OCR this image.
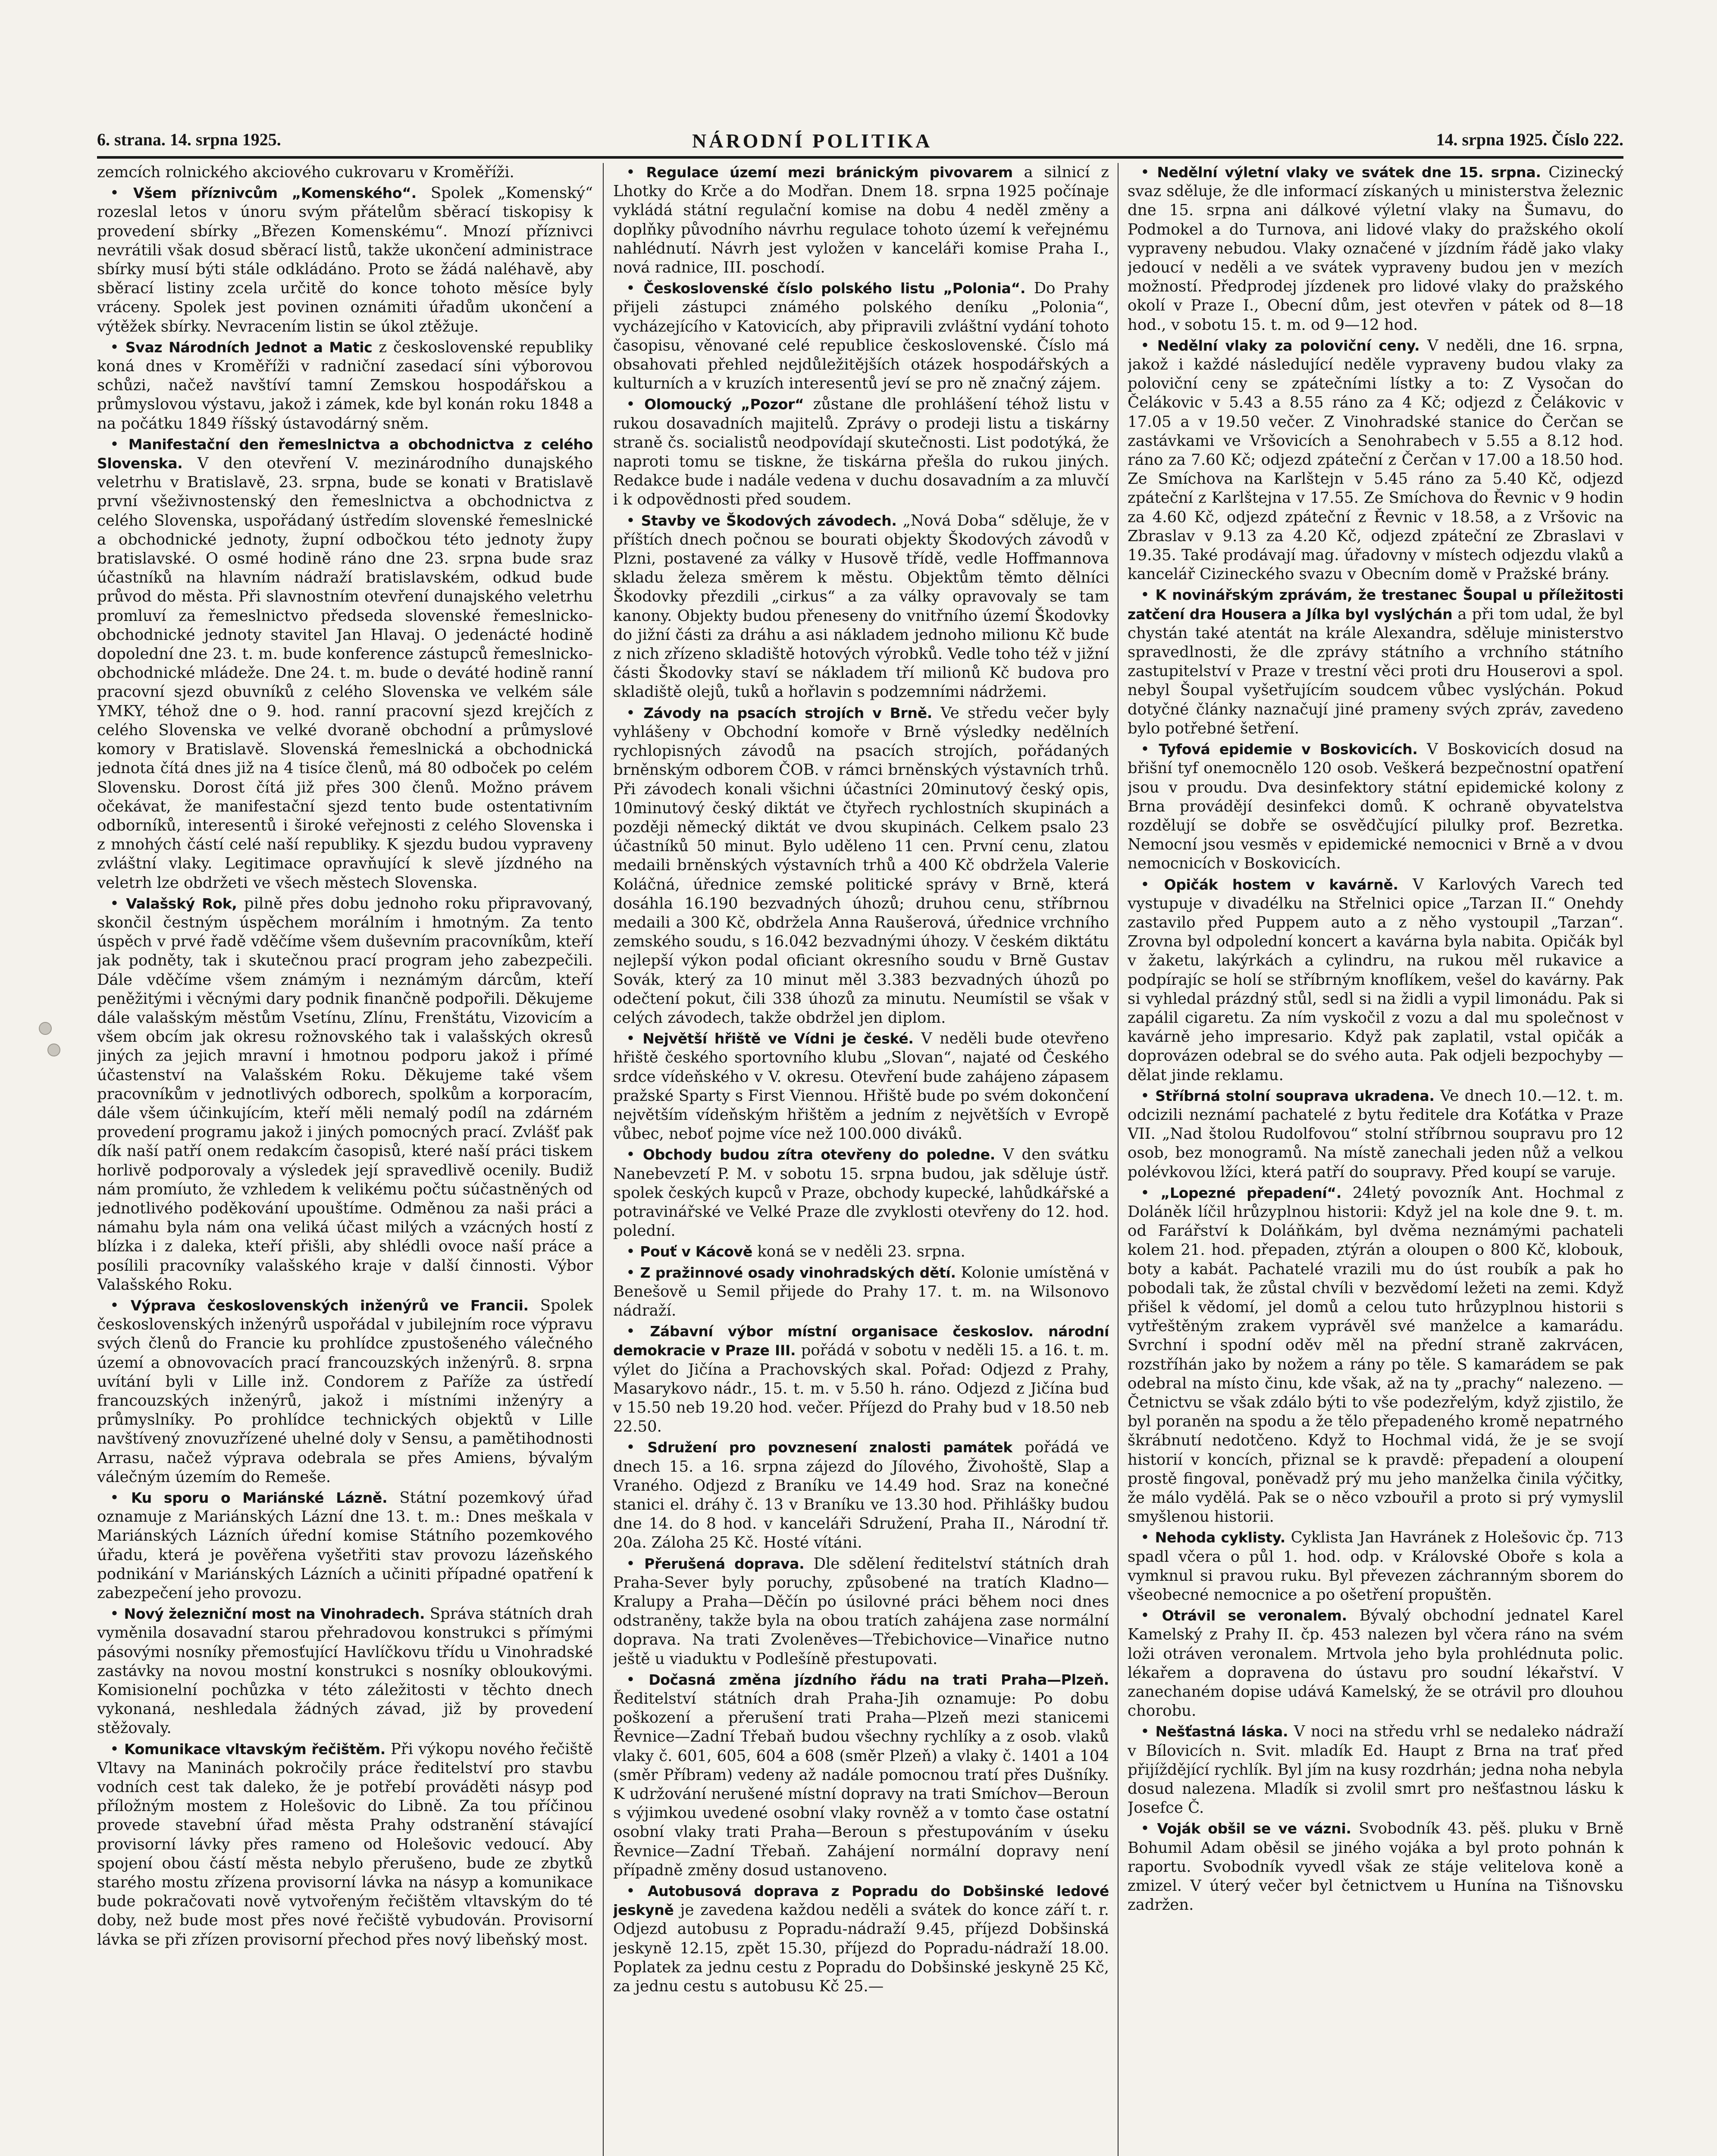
6. strana. 14. srpna 1925.	NÁRODNÍ POLITIKA	14. srpna 1925. Číslo 222.

zemcích rolnického akciového cukrovaru v Kroměříži.

• Všem příznivcům „Komenského“. Spolek „Komenský“ rozeslal letos v únoru svým přátelům sběrací tiskopisy k provedení sbírky „Březen Komenskému“. Mnozí příznivci nevrátili však dosud sběrací listů, takže ukončení administrace sbírky musí býti stále odkládáno. Proto se žádá naléhavě, aby sběrací listiny zcela určitě do konce tohoto měsíce byly vráceny. Spolek jest povinen oznámiti úřadům ukončení a výtěžek sbírky. Nevracením listin se úkol ztěžuje.

• Svaz Národních Jednot a Matic z československé republiky koná dnes v Kroměříži v radniční zasedací síni výborovou schůzi, načež navštíví tamní Zemskou hospodářskou a průmyslovou výstavu, jakož i zámek, kde byl konán roku 1848 a na počátku 1849 říšský ústavodárný sněm.

• Manifestační den řemeslnictva a obchodnictva z celého Slovenska. V den otevření V. mezinárodního dunajského veletrhu v Bratislavě, 23. srpna, bude se konati v Bratislavě první všeživnostenský den řemeslnictva a obchodnictva z celého Slovenska, uspořádaný ústředím slovenské řemeslnické a obchodnické jednoty, župní odbočkou této jednoty župy bratislavské. O osmé hodině ráno dne 23. srpna bude sraz účastníků na hlavním nádraží bratislavském, odkud bude průvod do města. Při slavnostním otevření dunajského veletrhu promluví za řemeslnictvo předseda slovenské řemeslnicko-obchodnické jednoty stavitel Jan Hlavaj. O jedenácté hodině dopolední dne 23. t. m. bude konference zástupců řemeslnicko-obchodnické mládeže. Dne 24. t. m. bude o deváté hodině ranní pracovní sjezd obuvníků z celého Slovenska ve velkém sále YMKY, téhož dne o 9. hod. ranní pracovní sjezd krejčích z celého Slovenska ve velké dvoraně obchodní a průmyslové komory v Bratislavě. Slovenská řemeslnická a obchodnická jednota čítá dnes již na 4 tisíce členů, má 80 odboček po celém Slovensku. Dorost čítá již přes 300 členů. Možno právem očekávat, že manifestační sjezd tento bude ostentativním odborníků, interesentů i široké veřejnosti z celého Slovenska i z mnohých částí celé naší republiky. K sjezdu budou vypraveny zvláštní vlaky. Legitimace opravňující k slevě jízdného na veletrh lze obdržeti ve všech městech Slovenska.

• Valašský Rok, pilně přes dobu jednoho roku připravovaný, skončil čestným úspěchem morálním i hmotným. Za tento úspěch v prvé řadě vděčíme všem duševním pracovníkům, kteří jak podněty, tak i skutečnou prací program jeho zabezpečili. Dále vděčíme všem známým i neznámým dárcům, kteří peněžitými i věcnými dary podnik finančně podpořili. Děkujeme dále valašským městům Vsetínu, Zlínu, Frenštátu, Vizovicím a všem obcím jak okresu rožnovského tak i valašských okresů jiných za jejich mravní i hmotnou podporu jakož i přímé účastenství na Valašském Roku. Děkujeme také všem pracovníkům v jednotlivých odborech, spolkům a korporacím, dále všem účinkujícím, kteří měli nemalý podíl na zdárném provedení programu jakož i jiných pomocných prací. Zvlášť pak dík naší patří onem redakcím časopisů, které naší práci tiskem horlivě podporovaly a výsledek její spravedlivě ocenily. Budiž nám promíuto, že vzhledem k velikému počtu súčastněných od jednotlivého poděkování upouštíme. Odměnou za naši práci a námahu byla nám ona veliká účast milých a vzácných hostí z blízka i z daleka, kteří přišli, aby shlédli ovoce naší práce a posílili pracovníky valašského kraje v další činnosti. Výbor Valašského Roku.

• Výprava československých inženýrů ve Francii. Spolek československých inženýrů uspořádal v jubilejním roce výpravu svých členů do Francie ku prohlídce zpustošeného válečného území a obnovovacích prací francouzských inženýrů. 8. srpna uvítání byli v Lille inž. Condorem z Paříže za ústředí francouzských inženýrů, jakož i místními inženýry a průmyslníky. Po prohlídce technických objektů v Lille navštívený znovuzřízené uhelné doly v Sensu, a pamětihodnosti Arrasu, načež výprava odebrala se přes Amiens, bývalým válečným územím do Remeše.

• Ku sporu o Mariánské Lázně. Státní pozemkový úřad oznamuje z Mariánských Lázní dne 13. t. m.: Dnes meškala v Mariánských Lázních úřední komise Státního pozemkového úřadu, která je pověřena vyšetřiti stav provozu lázeňského podnikání v Mariánských Lázních a učiniti případné opatření k zabezpečení jeho provozu.

• Nový železniční most na Vinohradech. Správa státních drah vyměnila dosavadní starou přehradovou konstrukci s přímými pásovými nosníky přemosťující Havlíčkovu třídu u Vinohradské zastávky na novou mostní konstrukci s nosníky obloukovými. Komisionelní pochůzka v této záležitosti v těchto dnech vykonaná, neshledala žádných závad, již by provedení stěžovaly.

• Komunikace vltavským řečištěm. Při výkopu nového řečiště Vltavy na Maninách pokročily práce ředitelství pro stavbu vodních cest tak daleko, že je potřebí prováděti násyp pod příložným mostem z Holešovic do Libně. Za tou příčinou provede stavební úřad města Prahy odstranění stávající provisorní lávky přes rameno od Holešovic vedoucí. Aby spojení obou částí města nebylo přerušeno, bude ze zbytků starého mostu zřízena provisorní lávka na násyp a komunikace bude pokračovati nově vytvořeným řečištěm vltavským do té doby, než bude most přes nové řečiště vybudován. Provisorní lávka se při zřízen provisorní přechod přes nový libeňský most.

• Regulace území mezi bránickým pivovarem a silnicí z Lhotky do Krče a do Modřan. Dnem 18. srpna 1925 počínaje vykládá státní regulační komise na dobu 4 neděl změny a doplňky původního návrhu regulace tohoto území k veřejnému nahlédnutí. Návrh jest vyložen v kanceláři komise Praha I., nová radnice, III. poschodí.

• Československé číslo polského listu „Polonia“. Do Prahy přijeli zástupci známého polského deníku „Polonia“, vycházejícího v Katovicích, aby připravili zvláštní vydání tohoto časopisu, věnované celé republice československé. Číslo má obsahovati přehled nejdůležitějších otázek hospodářských a kulturních a v kruzích interesentů jeví se pro ně značný zájem.

• Olomoucký „Pozor“ zůstane dle prohlášení téhož listu v rukou dosavadních majitelů. Zprávy o prodeji listu a tiskárny straně čs. socialistů neodpovídají skutečnosti. List podotýká, že naproti tomu se tiskne, že tiskárna přešla do rukou jiných. Redakce bude i nadále vedena v duchu dosavadním a za mluvčí i k odpovědnosti před soudem.

• Stavby ve Škodových závodech. „Nová Doba“ sděluje, že v příštích dnech počnou se bourati objekty Škodových závodů v Plzni, postavené za války v Husově třídě, vedle Hoffmannova skladu železa směrem k městu. Objektům těmto dělníci Škodovky přezdili „cirkus“ a za války opravovaly se tam kanony. Objekty budou přeneseny do vnitřního území Škodovky do jižní části za dráhu a asi nákladem jednoho milionu Kč bude z nich zřízeno skladiště hotových výrobků. Vedle toho též v jižní části Škodovky staví se nákladem tří milionů Kč budova pro skladiště olejů, tuků a hořlavin s podzemními nádržemi.

• Závody na psacích strojích v Brně. Ve středu večer byly vyhlášeny v Obchodní komoře v Brně výsledky nedělních rychlopisných závodů na psacích strojích, pořádaných brněnským odborem ČOB. v rámci brněnských výstavních trhů. Při závodech konali všichni účastníci 20minutový český opis, 10minutový český diktát ve čtyřech rychlostních skupinách a později německý diktát ve dvou skupinách. Celkem psalo 23 účastníků 50 minut. Bylo uděleno 11 cen. První cenu, zlatou medaili brněnských výstavních trhů a 400 Kč obdržela Valerie Koláčná, úřednice zemské politické správy v Brně, která dosáhla 16.190 bezvadných úhozů; druhou cenu, stříbrnou medaili a 300 Kč, obdržela Anna Raušerová, úřednice vrchního zemského soudu, s 16.042 bezvadnými úhozy. V českém diktátu nejlepší výkon podal oficiant okresního soudu v Brně Gustav Sovák, který za 10 minut měl 3.383 bezvadných úhozů po odečtení pokut, čili 338 úhozů za minutu. Neumístil se však v celých závodech, takže obdržel jen diplom.

• Největší hřiště ve Vídni je české. V neděli bude otevřeno hřiště českého sportovního klubu „Slovan“, najaté od Českého srdce vídeňského v V. okresu. Otevření bude zahájeno zápasem pražské Sparty s First Viennou. Hřiště bude po svém dokončení největším vídeňským hřištěm a jedním z největších v Evropě vůbec, neboť pojme více než 100.000 diváků.

• Obchody budou zítra otevřeny do poledne. V den svátku Nanebevzetí P. M. v sobotu 15. srpna budou, jak sděluje ústř. spolek českých kupců v Praze, obchody kupecké, lahůdkářské a potravinářské ve Velké Praze dle zvyklosti otevřeny do 12. hod. polední.

• Pouť v Kácově koná se v neděli 23. srpna.

• Z pražinnové osady vinohradských dětí. Kolonie umístěná v Benešově u Semil přijede do Prahy 17. t. m. na Wilsonovo nádraží.

• Zábavní výbor místní organisace českoslov. národní demokracie v Praze III. pořádá v sobotu v neděli 15. a 16. t. m. výlet do Jičína a Prachovských skal. Pořad: Odjezd z Prahy, Masarykovo nádr., 15. t. m. v 5.50 h. ráno. Odjezd z Jičína bud v 15.50 neb 19.20 hod. večer. Příjezd do Prahy bud v 18.50 neb 22.50.

• Sdružení pro povznesení znalosti památek pořádá ve dnech 15. a 16. srpna zájezd do Jílového, Živohoště, Slap a Vraného. Odjezd z Braníku ve 14.49 hod. Sraz na konečné stanici el. dráhy č. 13 v Braníku ve 13.30 hod. Přihlášky budou dne 14. do 8 hod. v kanceláři Sdružení, Praha II., Národní tř. 20a. Záloha 25 Kč. Hosté vítáni.

• Přerušená doprava. Dle sdělení ředitelství státních drah Praha-Sever byly poruchy, způsobené na tratích Kladno—Kralupy a Praha—Děčín po úsilovné práci během noci dnes odstraněny, takže byla na obou tratích zahájena zase normální doprava. Na trati Zvoleněves—Třebichovice—Vinařice nutno ještě u viaduktu v Podlešíně přestupovati.

• Dočasná změna jízdního řádu na trati Praha—Plzeň. Ředitelství státních drah Praha-Jih oznamuje: Po dobu poškození a přerušení trati Praha—Plzeň mezi stanicemi Řevnice—Zadní Třebaň budou všechny rychlíky a z osob. vlaků vlaky č. 601, 605, 604 a 608 (směr Plzeň) a vlaky č. 1401 a 104 (směr Příbram) vedeny až nadále pomocnou tratí přes Dušníky. K udržování nerušené místní dopravy na trati Smíchov—Beroun s výjimkou uvedené osobní vlaky rovněž a v tomto čase ostatní osobní vlaky trati Praha—Beroun s přestupováním v úseku Řevnice—Zadní Třebaň. Zahájení normální dopravy není případně změny dosud ustanoveno.

• Autobusová doprava z Popradu do Dobšinské ledové jeskyně je zavedena každou neděli a svátek do konce září t. r. Odjezd autobusu z Popradu-nádraží 9.45, příjezd Dobšinská jeskyně 12.15, zpět 15.30, příjezd do Popradu-nádraží 18.00. Poplatek za jednu cestu z Popradu do Dobšinské jeskyně 25 Kč, za jednu cestu s autobusu Kč 25.—

• Nedělní výletní vlaky ve svátek dne 15. srpna. Cizinecký svaz sděluje, že dle informací získaných u ministerstva železnic dne 15. srpna ani dálkové výletní vlaky na Šumavu, do Podmokel a do Turnova, ani lidové vlaky do pražského okolí vypraveny nebudou. Vlaky označené v jízdním řádě jako vlaky jedoucí v neděli a ve svátek vypraveny budou jen v mezích možností. Předprodej jízdenek pro lidové vlaky do pražského okolí v Praze I., Obecní dům, jest otevřen v pátek od 8—18 hod., v sobotu 15. t. m. od 9—12 hod.

• Nedělní vlaky za poloviční ceny. V neděli, dne 16. srpna, jakož i každé následující neděle vypraveny budou vlaky za poloviční ceny se zpátečními lístky a to: Z Vysočan do Čelákovic v 5.43 a 8.55 ráno za 4 Kč; odjezd z Čelákovic v 17.05 a v 19.50 večer. Z Vinohradské stanice do Čerčan se zastávkami ve Vršovicích a Senohrabech v 5.55 a 8.12 hod. ráno za 7.60 Kč; odjezd zpáteční z Čerčan v 17.00 a 18.50 hod. Ze Smíchova na Karlštejn v 5.45 ráno za 5.40 Kč, odjezd zpáteční z Karlštejna v 17.55. Ze Smíchova do Řevnic v 9 hodin za 4.60 Kč, odjezd zpáteční z Řevnic v 18.58, a z Vršovic na Zbraslav v 9.13 za 4.20 Kč, odjezd zpáteční ze Zbraslavi v 19.35. Také prodávají mag. úřadovny v místech odjezdu vlaků a kancelář Cizineckého svazu v Obecním domě v Pražské brány.

• K novinářským zprávám, že trestanec Šoupal u příležitosti zatčení dra Housera a Jílka byl vyslýchán a při tom udal, že byl chystán také atentát na krále Alexandra, sděluje ministerstvo spravedlnosti, že dle zprávy státního a vrchního státního zastupitelství v Praze v trestní věci proti dru Houserovi a spol. nebyl Šoupal vyšetřujícím soudcem vůbec vyslýchán. Pokud dotyčné články naznačují jiné prameny svých zpráv, zavedeno bylo potřebné šetření.

• Tyfová epidemie v Boskovicích. V Boskovicích dosud na břišní tyf onemocnělo 120 osob. Veškerá bezpečnostní opatření jsou v proudu. Dva desinfektory státní epidemické kolony z Brna provádějí desinfekci domů. K ochraně obyvatelstva rozdělují se dobře se osvědčující pilulky prof. Bezretka. Nemocní jsou vesměs v epidemické nemocnici v Brně a v dvou nemocnicích v Boskovicích.

• Opičák hostem v kavárně. V Karlových Varech ted vystupuje v divadélku na Střelnici opice „Tarzan II.“ Onehdy zastavilo před Puppem auto a z něho vystoupil „Tarzan“. Zrovna byl odpolední koncert a kavárna byla nabita. Opičák byl v žaketu, lakýrkách a cylindru, na rukou měl rukavice a podpírajíc se holí se stříbrným knoflíkem, vešel do kavárny. Pak si vyhledal prázdný stůl, sedl si na židli a vypil limonádu. Pak si zapálil cigaretu. Za ním vyskočil z vozu a dal mu společnost v kavárně jeho impresario. Když pak zaplatil, vstal opičák a doprovázen odebral se do svého auta. Pak odjeli bezpochyby — dělat jinde reklamu.

• Stříbrná stolní souprava ukradena. Ve dnech 10.—12. t. m. odcizili neznámí pachatelé z bytu ředitele dra Koťátka v Praze VII. „Nad štolou Rudolfovou“ stolní stříbrnou soupravu pro 12 osob, bez monogramů. Na místě zanechali jeden nůž a velkou polévkovou lžíci, která patří do soupravy. Před koupí se varuje.

• „Lopezné přepadení“. 24letý povozník Ant. Hochmal z Doláněk líčil hrůzyplnou historii: Když jel na kole dne 9. t. m. od Farářství k Doláňkám, byl dvěma neznámými pachateli kolem 21. hod. přepaden, ztýrán a oloupen o 800 Kč, klobouk, boty a kabát. Pachatelé vrazili mu do úst roubík a pak ho pobodali tak, že zůstal chvíli v bezvědomí ležeti na zemi. Když přišel k vědomí, jel domů a celou tuto hrůzyplnou historii s vytřeštěným zrakem vyprávěl své manželce a kamarádu. Svrchní i spodní oděv měl na přední straně zakrvácen, rozstříhán jako by nožem a rány po těle. S kamarádem se pak odebral na místo činu, kde však, až na ty „prachy“ nalezeno. — Četnictvu se však zdálo býti to vše podezřelým, když zjistilo, že byl poraněn na spodu a že tělo přepadeného kromě nepatrného škrábnutí nedotčeno. Když to Hochmal vidá, že je se svojí historií v koncích, přiznal se k pravdě: přepadení a oloupení prostě fingoval, poněvadž prý mu jeho manželka činila výčitky, že málo vydělá. Pak se o něco vzbouřil a proto si prý vymyslil smyšlenou historii.

• Nehoda cyklisty. Cyklista Jan Havránek z Holešovic čp. 713 spadl včera o půl 1. hod. odp. v Královské Oboře s kola a vymknul si pravou ruku. Byl převezen záchranným sborem do všeobecné nemocnice a po ošetření propuštěn.

• Otrávil se veronalem. Bývalý obchodní jednatel Karel Kamelský z Prahy II. čp. 453 nalezen byl včera ráno na svém loži otráven veronalem. Mrtvola jeho byla prohlédnuta polic. lékařem a dopravena do ústavu pro soudní lékařství. V zanechaném dopise udává Kamelský, že se otrávil pro dlouhou chorobu.

• Nešťastná láska. V noci na středu vrhl se nedaleko nádraží v Bílovicích n. Svit. mladík Ed. Haupt z Brna na trať před přijíždějící rychlík. Byl jím na kusy rozdrhán; jedna noha nebyla dosud nalezena. Mladík si zvolil smrt pro nešťastnou lásku k Josefce Č.

• Voják obšil se ve vázni. Svobodník 43. pěš. pluku v Brně Bohumil Adam oběsil se jiného vojáka a byl proto pohnán k raportu. Svobodník vyvedl však ze stáje velitelova koně a zmizel. V úterý večer byl četnictvem u Hunína na Tišnovsku zadržen.
